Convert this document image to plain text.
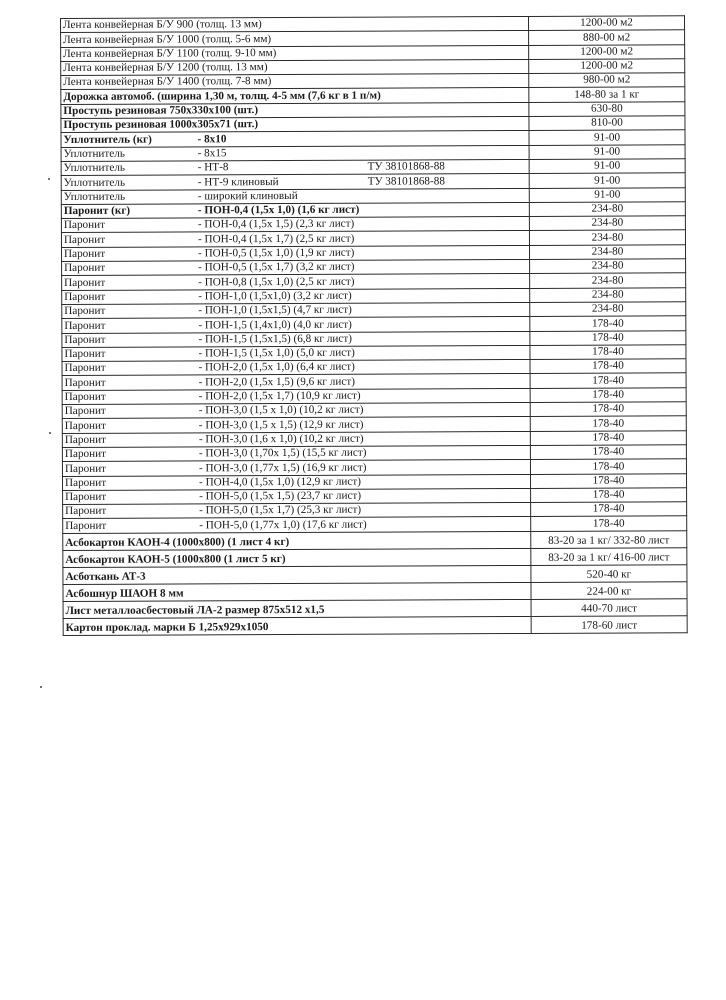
Лента конвейерная Б/У 900 (толщ. 13 мм)	1200-00 м2
Лента конвейерная Б/У 1000 (толщ. 5-6 мм)	880-00 м2
Лента конвейерная Б/У 1100 (толщ. 9-10 мм)	1200-00 м2
Лента конвейерная Б/У 1200 (толщ. 13 мм)	1200-00 м2
Лента конвейерная Б/У 1400 (толщ. 7-8 мм)	980-00 м2
Дорожка автомоб. (ширина 1,30 м, толщ. 4-5 мм (7,6 кг в 1 п/м)	148-80 за 1 кг
Проступь резиновая 750х330х100 (шт.)	630-80
Проступь резиновая 1000х305х71 (шт.)	810-00
Уплотнитель (кг) - 8х10	91-00
Уплотнитель - 8х15	91-00
Уплотнитель - НТ-8 ТУ 38101868-88	91-00
Уплотнитель - НТ-9 клиновый ТУ 38101868-88	91-00
Уплотнитель - широкий клиновый	91-00
Паронит (кг) - ПОН-0,4 (1,5х 1,0) (1,6 кг лист)	234-80
Паронит - ПОН-0,4 (1,5х 1,5) (2,3 кг лист)	234-80
Паронит - ПОН-0,4 (1,5х 1,7) (2,5 кг лист)	234-80
Паронит - ПОН-0,5 (1,5х 1,0) (1,9 кг лист)	234-80
Паронит - ПОН-0,5 (1,5х 1,7) (3,2 кг лист)	234-80
Паронит - ПОН-0,8 (1,5х 1,0) (2,5 кг лист)	234-80
Паронит - ПОН-1,0 (1,5х1,0) (3,2 кг лист)	234-80
Паронит - ПОН-1,0 (1,5х1,5) (4,7 кг лист)	234-80
Паронит - ПОН-1,5 (1,4х1,0) (4,0 кг лист)	178-40
Паронит - ПОН-1,5 (1,5х1,5) (6,8 кг лист)	178-40
Паронит - ПОН-1,5 (1,5х 1,0) (5,0 кг лист)	178-40
Паронит - ПОН-2,0 (1,5х 1,0) (6,4 кг лист)	178-40
Паронит - ПОН-2,0 (1,5х 1,5) (9,6 кг лист)	178-40
Паронит - ПОН-2,0 (1,5х 1,7) (10,9 кг лист)	178-40
Паронит - ПОН-3,0 (1,5 х 1,0) (10,2 кг лист)	178-40
Паронит - ПОН-3,0 (1,5 х 1,5) (12,9 кг лист)	178-40
Паронит - ПОН-3,0 (1,6 х 1,0) (10,2 кг лист)	178-40
Паронит - ПОН-3,0 (1,70х 1,5) (15,5 кг лист)	178-40
Паронит - ПОН-3,0 (1,77х 1,5) (16,9 кг лист)	178-40
Паронит - ПОН-4,0 (1,5х 1,0) (12,9 кг лист)	178-40
Паронит - ПОН-5,0 (1,5х 1,5) (23,7 кг лист)	178-40
Паронит - ПОН-5,0 (1,5х 1,7) (25,3 кг лист)	178-40
Паронит - ПОН-5,0 (1,77х 1,0) (17,6 кг лист)	178-40
Асбокартон КАОН-4 (1000х800) (1 лист 4 кг)	83-20 за 1 кг/ 332-80 лист
Асбокартон КАОН-5 (1000х800 (1 лист 5 кг)	83-20 за 1 кг/ 416-00 лист
Асботкань АТ-3	520-40 кг
Асбошнур ШАОН 8 мм	224-00 кг
Лист металлоасбестовый ЛА-2 размер 875х512 х1,5	440-70 лист
Картон проклад. марки Б 1,25х929х1050	178-60 лист
